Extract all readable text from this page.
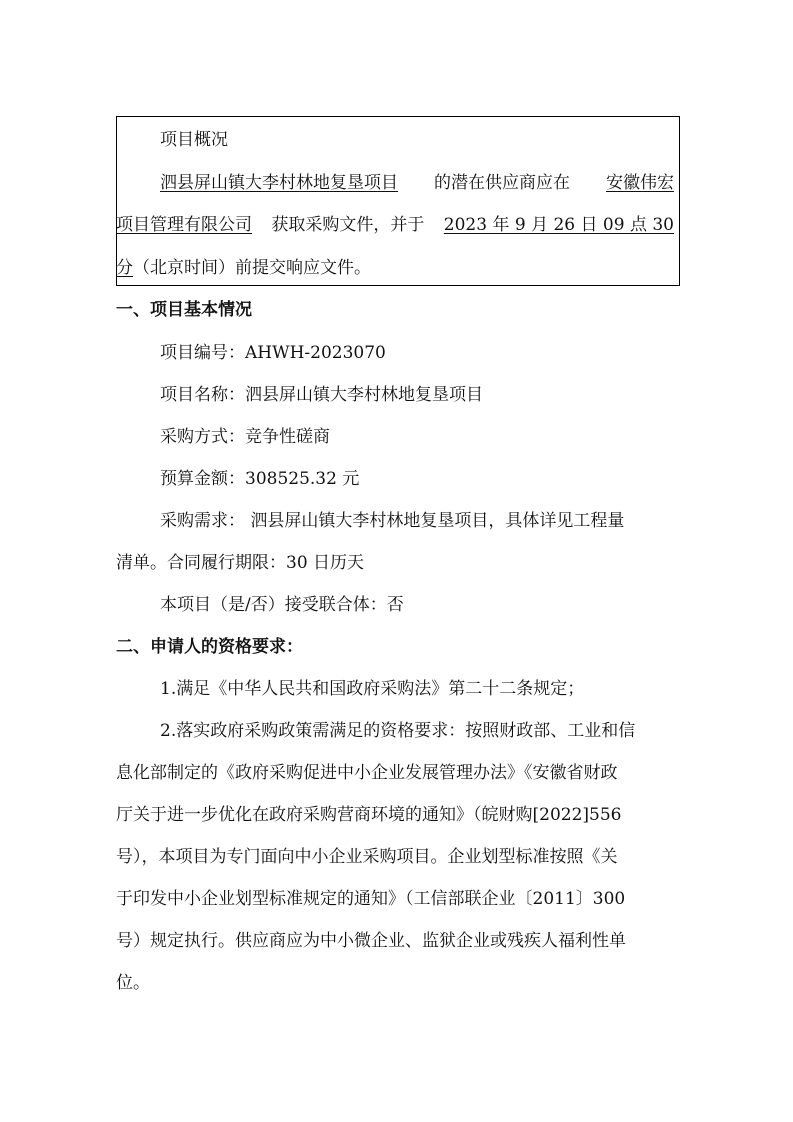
项目概况
泗县屏山镇大李村林地复垦项目 的潜在供应商应在 安徽伟宏
项目管理有限公司 获取采购文件，并于 2023 年 9 月 26 日 09 点 30
分（北京时间）前提交响应文件。
一、项目基本情况
项目编号：AHWH-2023070
项目名称：泗县屏山镇大李村林地复垦项目
采购方式：竞争性磋商
预算金额：308525.32 元
采购需求： 泗县屏山镇大李村林地复垦项目，具体详见工程量
清单。合同履行期限：30 日历天
本项目（是/否）接受联合体：否
二、申请人的资格要求：
1.满足《中华人民共和国政府采购法》第二十二条规定；
2.落实政府采购政策需满足的资格要求：按照财政部、工业和信
息化部制定的《政府采购促进中小企业发展管理办法》《安徽省财政
厅关于进一步优化在政府采购营商环境的通知》（皖财购[2022]556
号），本项目为专门面向中小企业采购项目。企业划型标准按照《关
于印发中小企业划型标准规定的通知》（工信部联企业〔2011〕300
号）规定执行。供应商应为中小微企业、监狱企业或残疾人福利性单
位。
